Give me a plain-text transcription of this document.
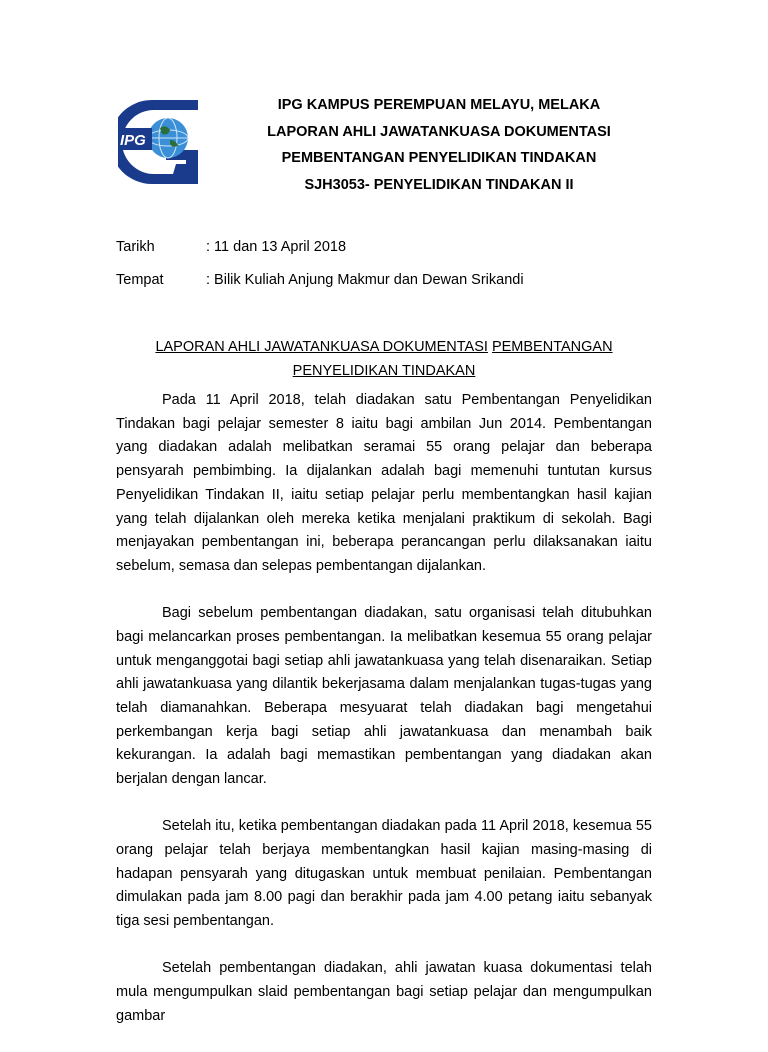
IPG
IPG KAMPUS PEREMPUAN MELAYU, MELAKA
LAPORAN AHLI JAWATANKUASA DOKUMENTASI
PEMBENTANGAN PENYELIDIKAN TINDAKAN
SJH3053- PENYELIDIKAN TINDAKAN II
Tarikh	: 11 dan 13 April 2018
Tempat	: Bilik Kuliah Anjung Makmur dan Dewan Srikandi
LAPORAN AHLI JAWATANKUASA DOKUMENTASI PEMBENTANGAN
PENYELIDIKAN TINDAKAN

Pada 11 April 2018, telah diadakan satu Pembentangan Penyelidikan Tindakan bagi pelajar semester 8 iaitu bagi ambilan Jun 2014. Pembentangan yang diadakan adalah melibatkan seramai 55 orang pelajar dan beberapa pensyarah pembimbing. Ia dijalankan adalah bagi memenuhi tuntutan kursus Penyelidikan Tindakan II, iaitu setiap pelajar perlu membentangkan hasil kajian yang telah dijalankan oleh mereka ketika menjalani praktikum di sekolah. Bagi menjayakan pembentangan ini, beberapa perancangan perlu dilaksanakan iaitu sebelum, semasa dan selepas pembentangan dijalankan.

Bagi sebelum pembentangan diadakan, satu organisasi telah ditubuhkan bagi melancarkan proses pembentangan. Ia melibatkan kesemua 55 orang pelajar untuk menganggotai bagi setiap ahli jawatankuasa yang telah disenaraikan. Setiap ahli jawatankuasa yang dilantik bekerjasama dalam menjalankan tugas-tugas yang telah diamanahkan. Beberapa mesyuarat telah diadakan bagi mengetahui perkembangan kerja bagi setiap ahli jawatankuasa dan menambah baik kekurangan. Ia adalah bagi memastikan pembentangan yang diadakan akan berjalan dengan lancar.

Setelah itu, ketika pembentangan diadakan pada 11 April 2018, kesemua 55 orang pelajar telah berjaya membentangkan hasil kajian masing-masing di hadapan pensyarah yang ditugaskan untuk membuat penilaian. Pembentangan dimulakan pada jam 8.00 pagi dan berakhir pada jam 4.00 petang iaitu sebanyak tiga sesi pembentangan.

Setelah pembentangan diadakan, ahli jawatan kuasa dokumentasi telah mula mengumpulkan slaid pembentangan bagi setiap pelajar dan mengumpulkan gambar
